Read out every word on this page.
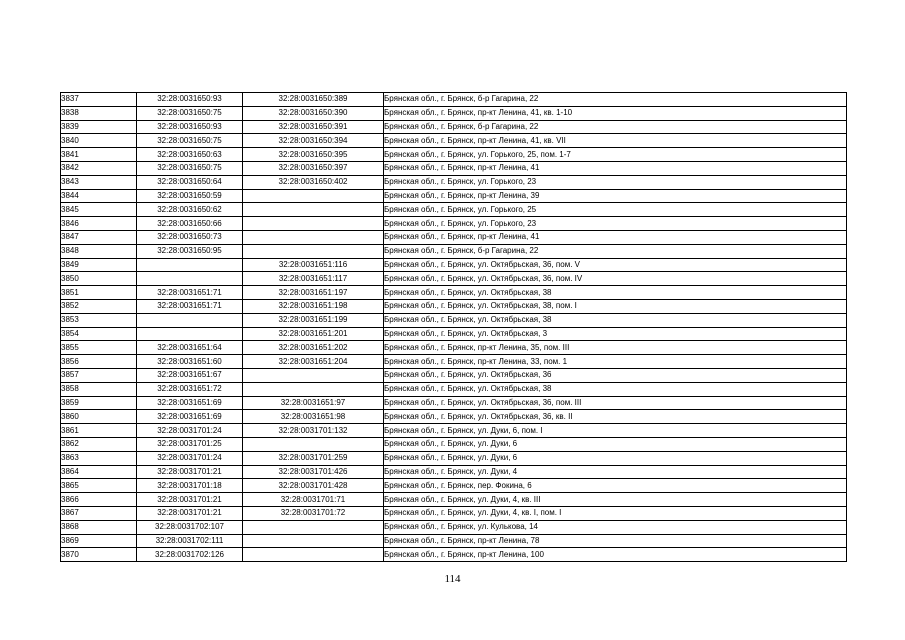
3837	32:28:0031650:93	32:28:0031650:389	Брянская обл., г. Брянск, б-р Гагарина, 22
3838	32:28:0031650:75	32:28:0031650:390	Брянская обл., г. Брянск, пр-кт Ленина, 41, кв. 1-10
3839	32:28:0031650:93	32:28:0031650:391	Брянская обл., г. Брянск, б-р Гагарина, 22
3840	32:28:0031650:75	32:28:0031650:394	Брянская обл., г. Брянск, пр-кт Ленина, 41, кв. VII
3841	32:28:0031650:63	32:28:0031650:395	Брянская обл., г. Брянск, ул. Горького, 25, пом. 1-7
3842	32:28:0031650:75	32:28:0031650:397	Брянская обл., г. Брянск, пр-кт Ленина, 41
3843	32:28:0031650:64	32:28:0031650:402	Брянская обл., г. Брянск, ул. Горького, 23
3844	32:28:0031650:59		Брянская обл., г. Брянск, пр-кт Ленина, 39
3845	32:28:0031650:62		Брянская обл., г. Брянск, ул. Горького, 25
3846	32:28:0031650:66		Брянская обл., г. Брянск, ул. Горького, 23
3847	32:28:0031650:73		Брянская обл., г. Брянск, пр-кт Ленина, 41
3848	32:28:0031650:95		Брянская обл., г. Брянск, б-р Гагарина, 22
3849		32:28:0031651:116	Брянская обл., г. Брянск, ул. Октябрьская, 36, пом. V
3850		32:28:0031651:117	Брянская обл., г. Брянск, ул. Октябрьская, 36, пом. IV
3851	32:28:0031651:71	32:28:0031651:197	Брянская обл., г. Брянск, ул. Октябрьская, 38
3852	32:28:0031651:71	32:28:0031651:198	Брянская обл., г. Брянск, ул. Октябрьская, 38, пом. I
3853		32:28:0031651:199	Брянская обл., г. Брянск, ул. Октябрьская, 38
3854		32:28:0031651:201	Брянская обл., г. Брянск, ул. Октябрьская, 3
3855	32:28:0031651:64	32:28:0031651:202	Брянская обл., г. Брянск, пр-кт Ленина, 35, пом. III
3856	32:28:0031651:60	32:28:0031651:204	Брянская обл., г. Брянск, пр-кт Ленина, 33, пом. 1
3857	32:28:0031651:67		Брянская обл., г. Брянск, ул. Октябрьская, 36
3858	32:28:0031651:72		Брянская обл., г. Брянск, ул. Октябрьская, 38
3859	32:28:0031651:69	32:28:0031651:97	Брянская обл., г. Брянск, ул. Октябрьская, 36, пом. III
3860	32:28:0031651:69	32:28:0031651:98	Брянская обл., г. Брянск, ул. Октябрьская, 36, кв. II
3861	32:28:0031701:24	32:28:0031701:132	Брянская обл., г. Брянск, ул. Дуки, 6, пом. I
3862	32:28:0031701:25		Брянская обл., г. Брянск, ул. Дуки, 6
3863	32:28:0031701:24	32:28:0031701:259	Брянская обл., г. Брянск, ул. Дуки, 6
3864	32:28:0031701:21	32:28:0031701:426	Брянская обл., г. Брянск, ул. Дуки, 4
3865	32:28:0031701:18	32:28:0031701:428	Брянская обл., г. Брянск, пер. Фокина, 6
3866	32:28:0031701:21	32:28:0031701:71	Брянская обл., г. Брянск, ул. Дуки, 4, кв. III
3867	32:28:0031701:21	32:28:0031701:72	Брянская обл., г. Брянск, ул. Дуки, 4, кв. I, пом. I
3868	32:28:0031702:107		Брянская обл., г. Брянск, ул. Кулькова, 14
3869	32:28:0031702:111		Брянская обл., г. Брянск, пр-кт Ленина, 78
3870	32:28:0031702:126		Брянская обл., г. Брянск, пр-кт Ленина, 100
114
